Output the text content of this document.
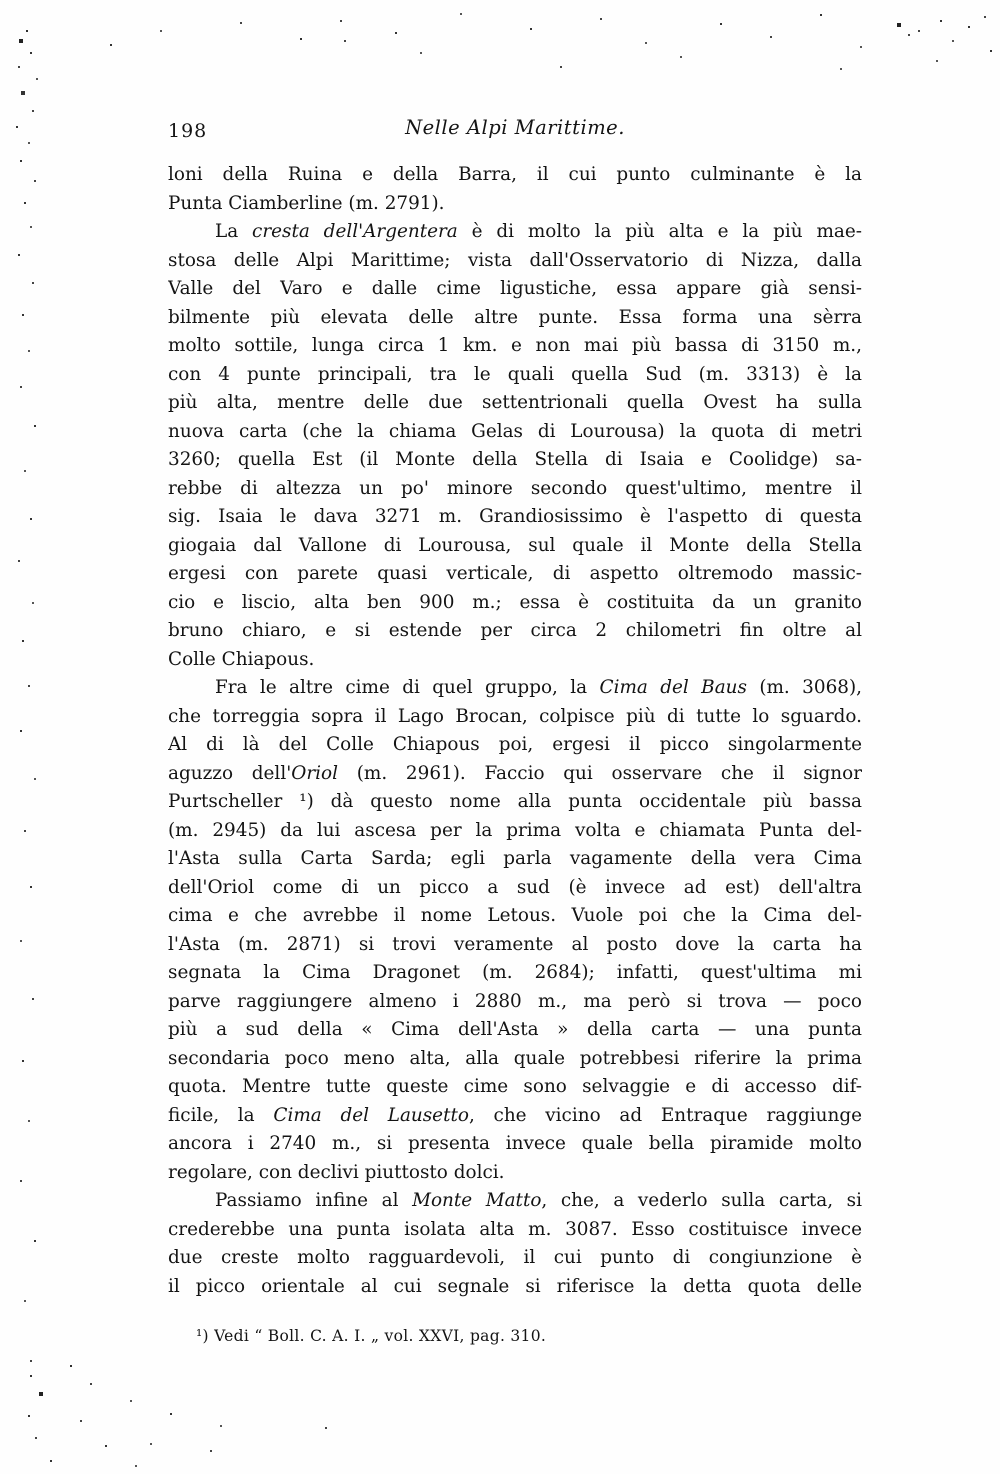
198	Nelle Alpi Marittime.
loni della Ruina e della Barra, il cui punto culminante è la
Punta Ciamberline (m. 2791).
La cresta dell'Argentera è di molto la più alta e la più mae-
stosa delle Alpi Marittime; vista dall'Osservatorio di Nizza, dalla
Valle del Varo e dalle cime ligustiche, essa appare già sensi-
bilmente più elevata delle altre punte. Essa forma una sèrra
molto sottile, lunga circa 1 km. e non mai più bassa di 3150 m.,
con 4 punte principali, tra le quali quella Sud (m. 3313) è la
più alta, mentre delle due settentrionali quella Ovest ha sulla
nuova carta (che la chiama Gelas di Lourousa) la quota di metri
3260; quella Est (il Monte della Stella di Isaia e Coolidge) sa-
rebbe di altezza un po' minore secondo quest'ultimo, mentre il
sig. Isaia le dava 3271 m. Grandiosissimo è l'aspetto di questa
giogaia dal Vallone di Lourousa, sul quale il Monte della Stella
ergesi con parete quasi verticale, di aspetto oltremodo massic-
cio e liscio, alta ben 900 m.; essa è costituita da un granito
bruno chiaro, e si estende per circa 2 chilometri fin oltre al
Colle Chiapous.
Fra le altre cime di quel gruppo, la Cima del Baus (m. 3068),
che torreggia sopra il Lago Brocan, colpisce più di tutte lo sguardo.
Al di là del Colle Chiapous poi, ergesi il picco singolarmente
aguzzo dell'Oriol (m. 2961). Faccio qui osservare che il signor
Purtscheller ¹) dà questo nome alla punta occidentale più bassa
(m. 2945) da lui ascesa per la prima volta e chiamata Punta del-
l'Asta sulla Carta Sarda; egli parla vagamente della vera Cima
dell'Oriol come di un picco a sud (è invece ad est) dell'altra
cima e che avrebbe il nome Letous. Vuole poi che la Cima del-
l'Asta (m. 2871) si trovi veramente al posto dove la carta ha
segnata la Cima Dragonet (m. 2684); infatti, quest'ultima mi
parve raggiungere almeno i 2880 m., ma però si trova — poco
più a sud della « Cima dell'Asta » della carta — una punta
secondaria poco meno alta, alla quale potrebbesi riferire la prima
quota. Mentre tutte queste cime sono selvaggie e di accesso dif-
ficile, la Cima del Lausetto, che vicino ad Entraque raggiunge
ancora i 2740 m., si presenta invece quale bella piramide molto
regolare, con declivi piuttosto dolci.
Passiamo infine al Monte Matto, che, a vederlo sulla carta, si
crederebbe una punta isolata alta m. 3087. Esso costituisce invece
due creste molto ragguardevoli, il cui punto di congiunzione è
il picco orientale al cui segnale si riferisce la detta quota delle
¹) Vedi “ Boll. C. A. I. „ vol. XXVI, pag. 310.
